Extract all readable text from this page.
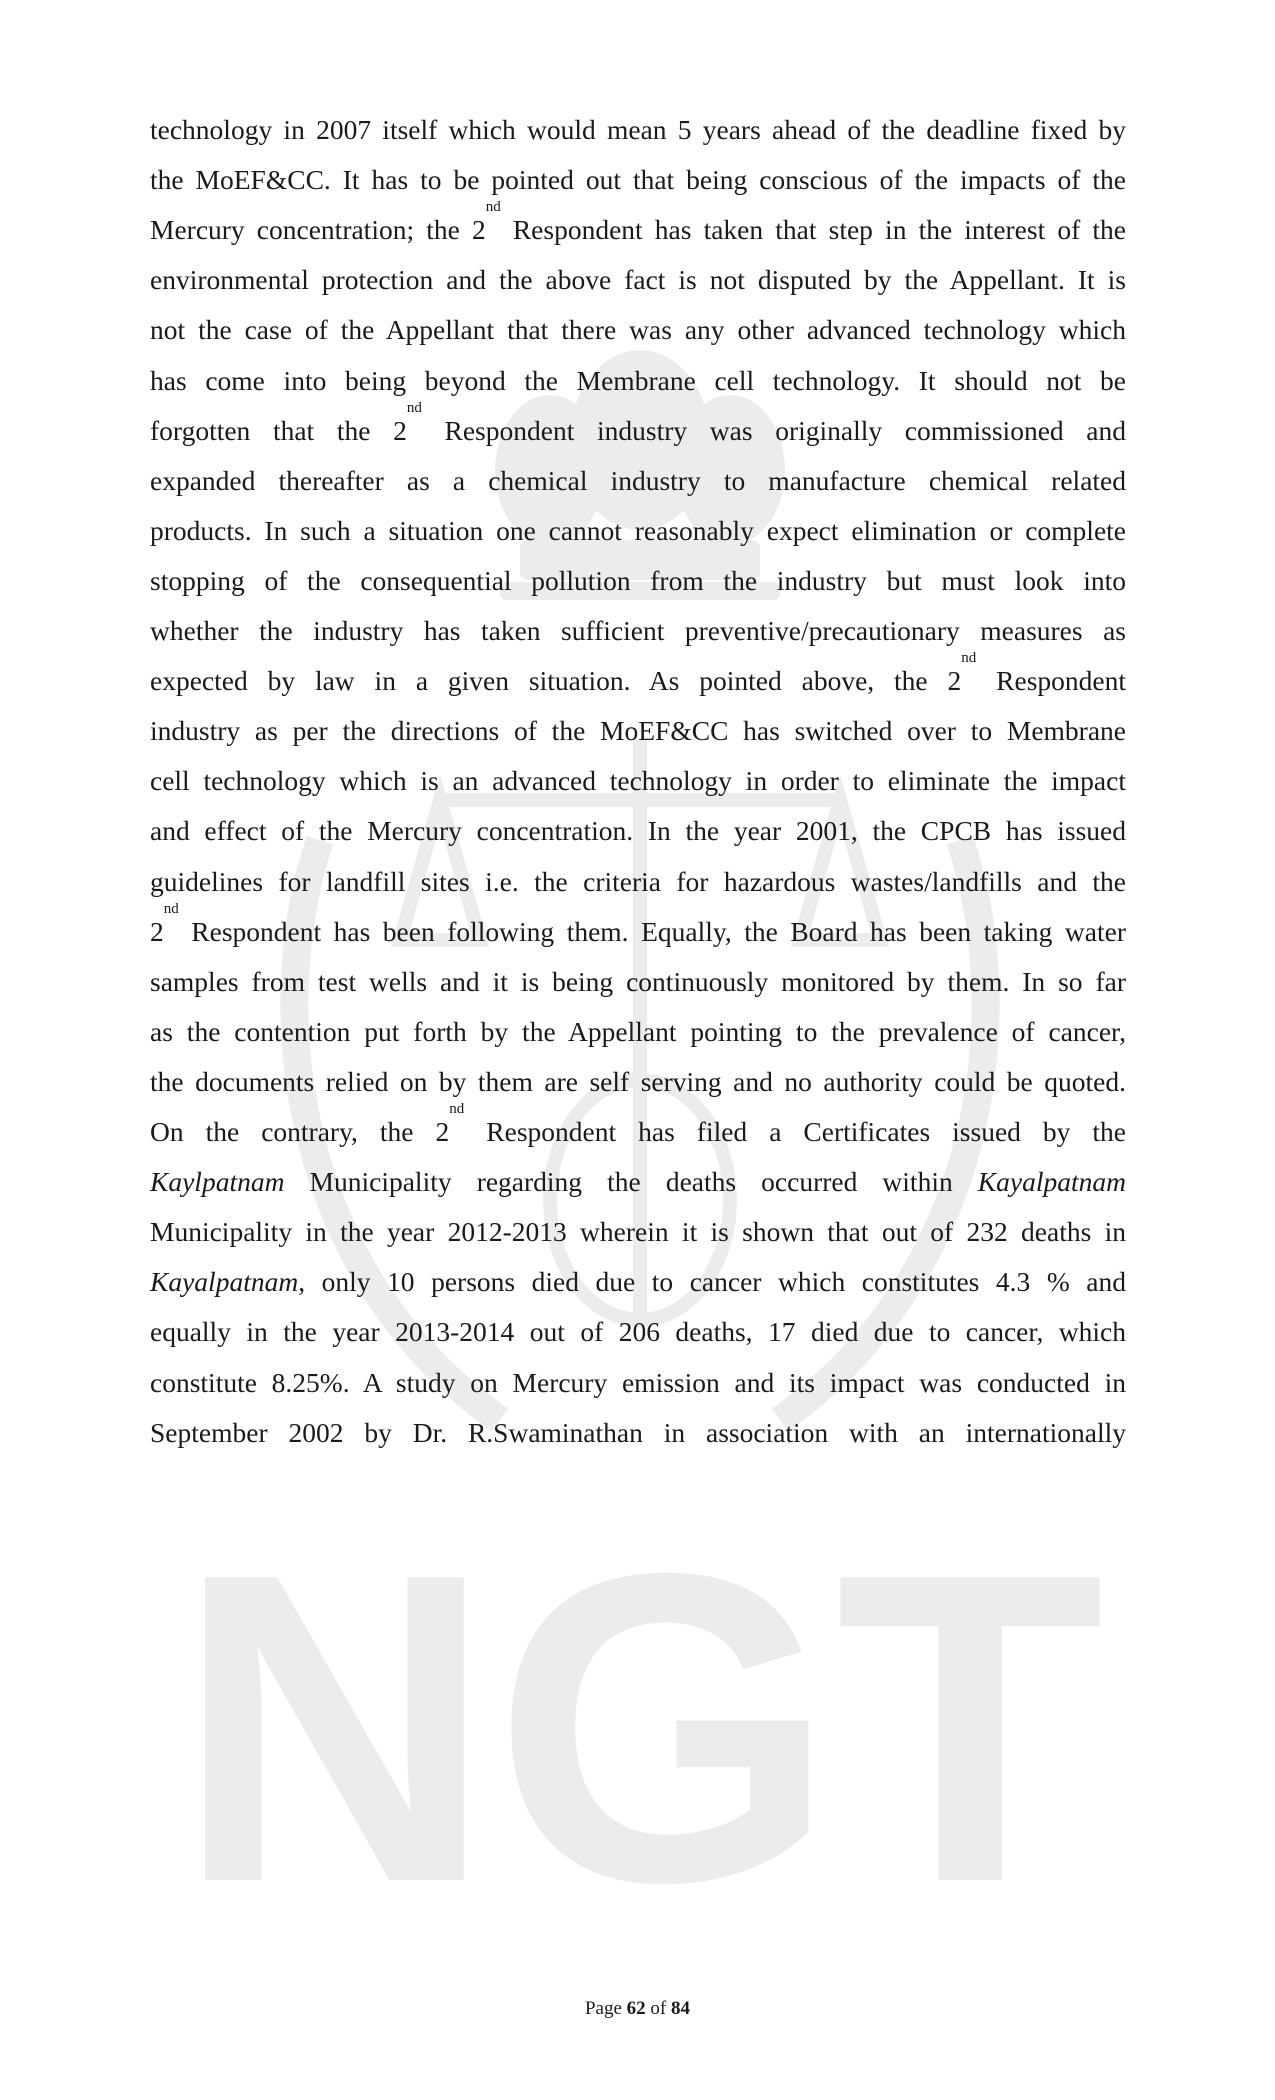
NGT
technology in 2007 itself which would mean 5 years ahead of the deadline fixed by
the MoEF&CC. It has to be pointed out that being conscious of the impacts of the
Mercury concentration; the 2nd Respondent has taken that step in the interest of the
environmental protection and the above fact is not disputed by the Appellant. It is
not the case of the Appellant that there was any other advanced technology which
has come into being beyond the Membrane cell technology. It should not be
forgotten that the 2nd Respondent industry was originally commissioned and
expanded thereafter as a chemical industry to manufacture chemical related
products. In such a situation one cannot reasonably expect elimination or complete
stopping of the consequential pollution from the industry but must look into
whether the industry has taken sufficient preventive/precautionary measures as
expected by law in a given situation. As pointed above, the 2nd Respondent
industry as per the directions of the MoEF&CC has switched over to Membrane
cell technology which is an advanced technology in order to eliminate the impact
and effect of the Mercury concentration. In the year 2001, the CPCB has issued
guidelines for landfill sites i.e. the criteria for hazardous wastes/landfills and the
2nd Respondent has been following them. Equally, the Board has been taking water
samples from test wells and it is being continuously monitored by them. In so far
as the contention put forth by the Appellant pointing to the prevalence of cancer,
the documents relied on by them are self serving and no authority could be quoted.
On the contrary, the 2nd Respondent has filed a Certificates issued by the
Kaylpatnam Municipality regarding the deaths occurred within Kayalpatnam
Municipality in the year 2012-2013 wherein it is shown that out of 232 deaths in
Kayalpatnam, only 10 persons died due to cancer which constitutes 4.3 % and
equally in the year 2013-2014 out of 206 deaths, 17 died due to cancer, which
constitute 8.25%. A study on Mercury emission and its impact was conducted in
September 2002 by Dr. R.Swaminathan in association with an internationally
Page 62 of 84
